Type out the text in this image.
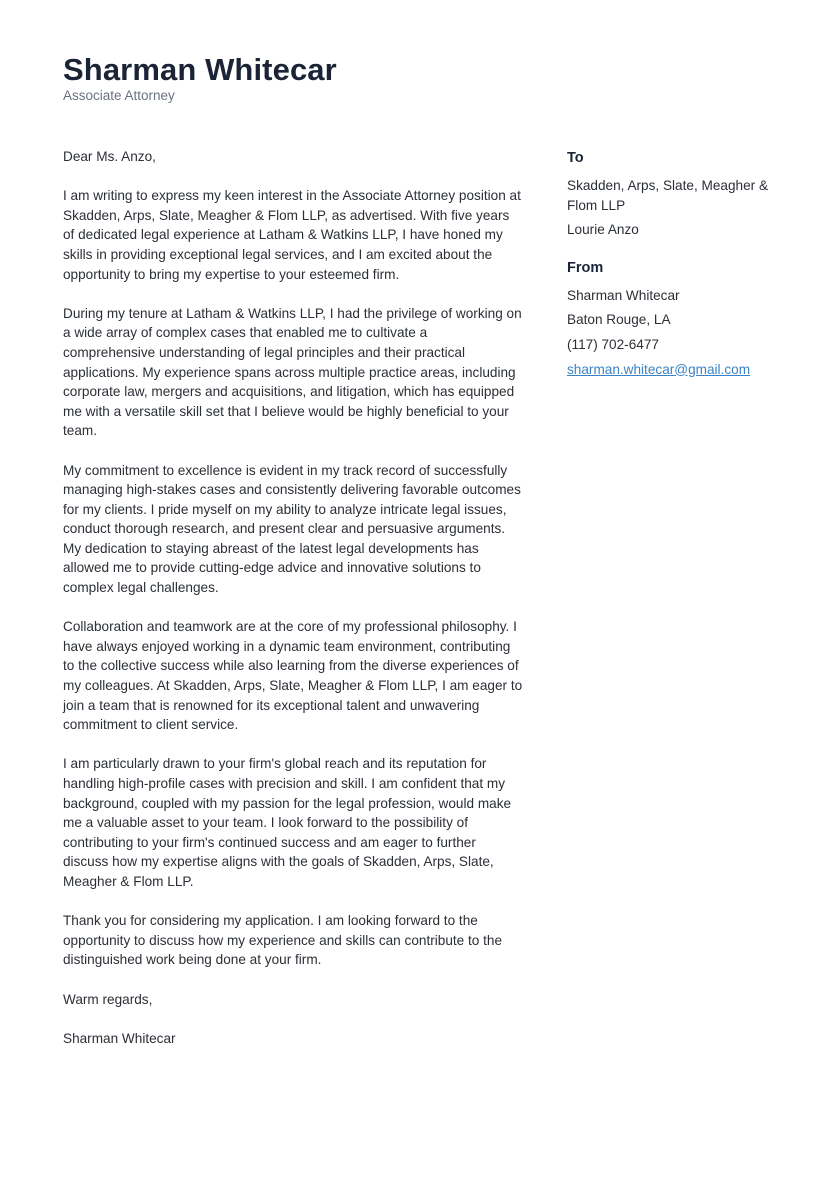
Sharman Whitecar
Associate Attorney

Dear Ms. Anzo,

I am writing to express my keen interest in the Associate Attorney position at Skadden, Arps, Slate, Meagher & Flom LLP, as advertised. With five years of dedicated legal experience at Latham & Watkins LLP, I have honed my skills in providing exceptional legal services, and I am excited about the opportunity to bring my expertise to your esteemed firm.

During my tenure at Latham & Watkins LLP, I had the privilege of working on a wide array of complex cases that enabled me to cultivate a comprehensive understanding of legal principles and their practical applications. My experience spans across multiple practice areas, including corporate law, mergers and acquisitions, and litigation, which has equipped me with a versatile skill set that I believe would be highly beneficial to your team.

My commitment to excellence is evident in my track record of successfully managing high-stakes cases and consistently delivering favorable outcomes for my clients. I pride myself on my ability to analyze intricate legal issues, conduct thorough research, and present clear and persuasive arguments. My dedication to staying abreast of the latest legal developments has allowed me to provide cutting-edge advice and innovative solutions to complex legal challenges.

Collaboration and teamwork are at the core of my professional philosophy. I have always enjoyed working in a dynamic team environment, contributing to the collective success while also learning from the diverse experiences of my colleagues. At Skadden, Arps, Slate, Meagher & Flom LLP, I am eager to join a team that is renowned for its exceptional talent and unwavering commitment to client service.

I am particularly drawn to your firm's global reach and its reputation for handling high-profile cases with precision and skill. I am confident that my background, coupled with my passion for the legal profession, would make me a valuable asset to your team. I look forward to the possibility of contributing to your firm's continued success and am eager to further discuss how my expertise aligns with the goals of Skadden, Arps, Slate, Meagher & Flom LLP.

Thank you for considering my application. I am looking forward to the opportunity to discuss how my experience and skills can contribute to the distinguished work being done at your firm.

Warm regards,

Sharman Whitecar

To
Skadden, Arps, Slate, Meagher & Flom LLP
Lourie Anzo
From
Sharman Whitecar
Baton Rouge, LA
(117) 702-6477
sharman.whitecar@gmail.com
